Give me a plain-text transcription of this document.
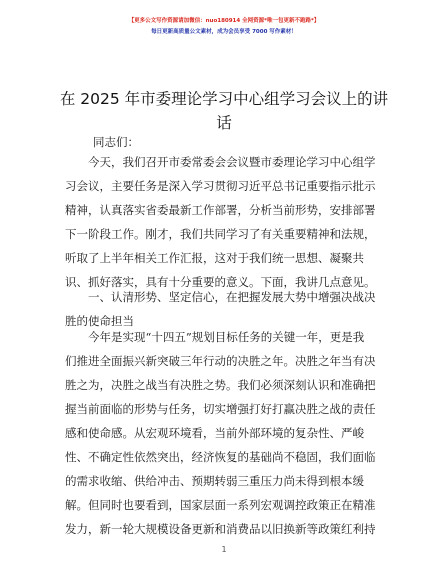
【更多公文写作资源请加微信：nuo180914 全网资源*唯一包更新不跑路*】
每日更新高质量公文素材，成为会员享受 7000 写作素材！
在 2025 年市委理论学习中心组学习会议上的讲
话
同志们：
今天，我们召开市委常委会会议暨市委理论学习中心组学
习会议，主要任务是深入学习贯彻习近平总书记重要指示批示
精神，认真落实省委最新工作部署，分析当前形势，安排部署
下一阶段工作。刚才，我们共同学习了有关重要精神和法规，
听取了上半年相关工作汇报，这对于我们统一思想、凝聚共
识、抓好落实，具有十分重要的意义。下面，我讲几点意见。
一、认清形势、坚定信心，在把握发展大势中增强决战决
胜的使命担当
今年是实现“十四五”规划目标任务的关键一年，更是我
们推进全面振兴新突破三年行动的决胜之年。决胜之年当有决
胜之为，决胜之战当有决胜之势。我们必须深刻认识和准确把
握当前面临的形势与任务，切实增强打好打赢决胜之战的责任
感和使命感。从宏观环境看，当前外部环境的复杂性、严峻
性、不确定性依然突出，经济恢复的基础尚不稳固，我们面临
的需求收缩、供给冲击、预期转弱三重压力尚未得到根本缓
解。但同时也要看到，国家层面一系列宏观调控政策正在精准
发力，新一轮大规模设备更新和消费品以旧换新等政策红利持
1
